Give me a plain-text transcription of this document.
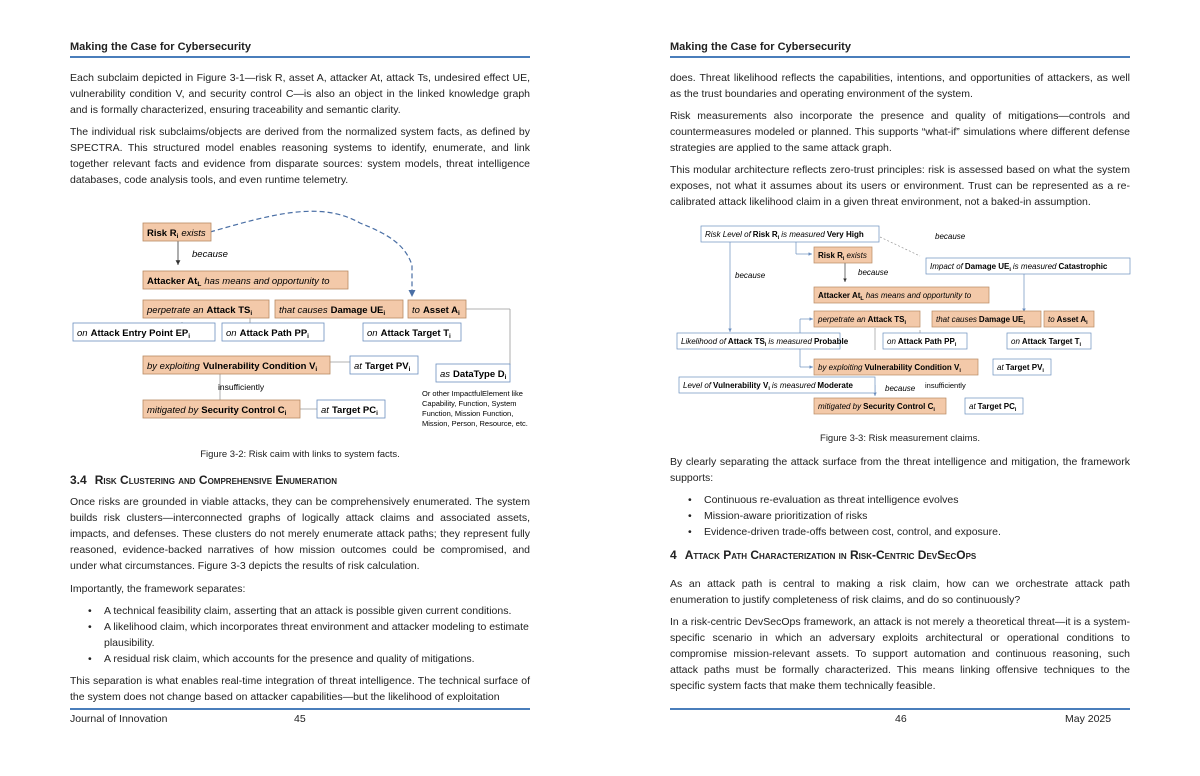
Making the Case for Cybersecurity

Each subclaim depicted in Figure 3-1—risk R, asset A, attacker At, attack Ts, undesired effect UE, vulnerability condition V, and security control C—is also an object in the linked knowledge graph and is formally characterized, ensuring traceability and semantic clarity.

The individual risk subclaims/objects are derived from the normalized system facts, as defined by SPECTRA. This structured model enables reasoning systems to identify, enumerate, and link together relevant facts and evidence from disparate sources: system models, threat intelligence databases, code analysis tools, and even runtime telemetry.

Risk $R_i$ exists
because
Attacker $At_L$ has means and opportunity to
perpetrate an Attack $TS_i$	that causes Damage $UE_i$	to Asset $A_i$
on Attack Entry Point $EP_i$	on Attack Path $PP_i$	on Attack Target $T_i$
by exploiting Vulnerability Condition $V_i$	at Target $PV_i$	as DataType $D_i$
insufficiently
mitigated by Security Control $C_i$	at Target $PC_i$
Or other ImpactfulElement like
Capability, Function, System
Function, Mission Function,
Mission, Person, Resource, etc.

Figure 3-2: Risk caim with links to system facts.

3.4 Risk Clustering and Comprehensive Enumeration

Once risks are grounded in viable attacks, they can be comprehensively enumerated. The system builds risk clusters—interconnected graphs of logically attack claims and associated assets, impacts, and defenses. These clusters do not merely enumerate attack paths; they represent fully reasoned, evidence-backed narratives of how mission outcomes could be compromised, and under what circumstances. Figure 3-3 depicts the results of risk calculation.

Importantly, the framework separates:

• A technical feasibility claim, asserting that an attack is possible given current conditions.

• A likelihood claim, which incorporates threat environment and attacker modeling to estimate plausibility.

• A residual risk claim, which accounts for the presence and quality of mitigations.

This separation is what enables real-time integration of threat intelligence. The technical surface of the system does not change based on attacker capabilities—but the likelihood of exploitation

Journal of Innovation	45
Making the Case for Cybersecurity

does. Threat likelihood reflects the capabilities, intentions, and opportunities of attackers, as well as the trust boundaries and operating environment of the system.

Risk measurements also incorporate the presence and quality of mitigations—controls and countermeasures modeled or planned. This supports “what-if” simulations where different defense strategies are applied to the same attack graph.

This modular architecture reflects zero-trust principles: risk is assessed based on what the system exposes, not what it assumes about its users or environment. Trust can be represented as a re-calibrated attack likelihood claim in a given threat environment, not a baked-in assumption.

Risk Level of Risk $R_i$ is measured Very High	because
Risk $R_i$ exists
Impact of Damage $UE_i$ is measured Catastrophic
because	because
Attacker $At_L$ has means and opportunity to
perpetrate an Attack $TS_i$	that causes Damage $UE_i$	to Asset $A_i$
Likelihood of Attack $TS_i$ is measured Probable	on Attack Path $PP_i$	on Attack Target $T_i$
by exploiting Vulnerability Condition $V_i$	at Target $PV_i$
Level of Vulnerability $V_i$ is measured Moderate	because insufficiently
mitigated by Security Control $C_i$	at Target $PC_i$

Figure 3-3: Risk measurement claims.

By clearly separating the attack surface from the threat intelligence and mitigation, the framework supports:

• Continuous re-evaluation as threat intelligence evolves

• Mission-aware prioritization of risks

• Evidence-driven trade-offs between cost, control, and exposure.

4 Attack Path Characterization in Risk-Centric DevSecOps

As an attack path is central to making a risk claim, how can we orchestrate attack path enumeration to justify completeness of risk claims, and do so continuously?

In a risk-centric DevSecOps framework, an attack is not merely a theoretical threat—it is a system-specific scenario in which an adversary exploits architectural or operational conditions to compromise mission-relevant assets. To support automation and continuous reasoning, such attack paths must be formally characterized. This means linking offensive techniques to the specific system facts that make them technically feasible.

46	May 2025
